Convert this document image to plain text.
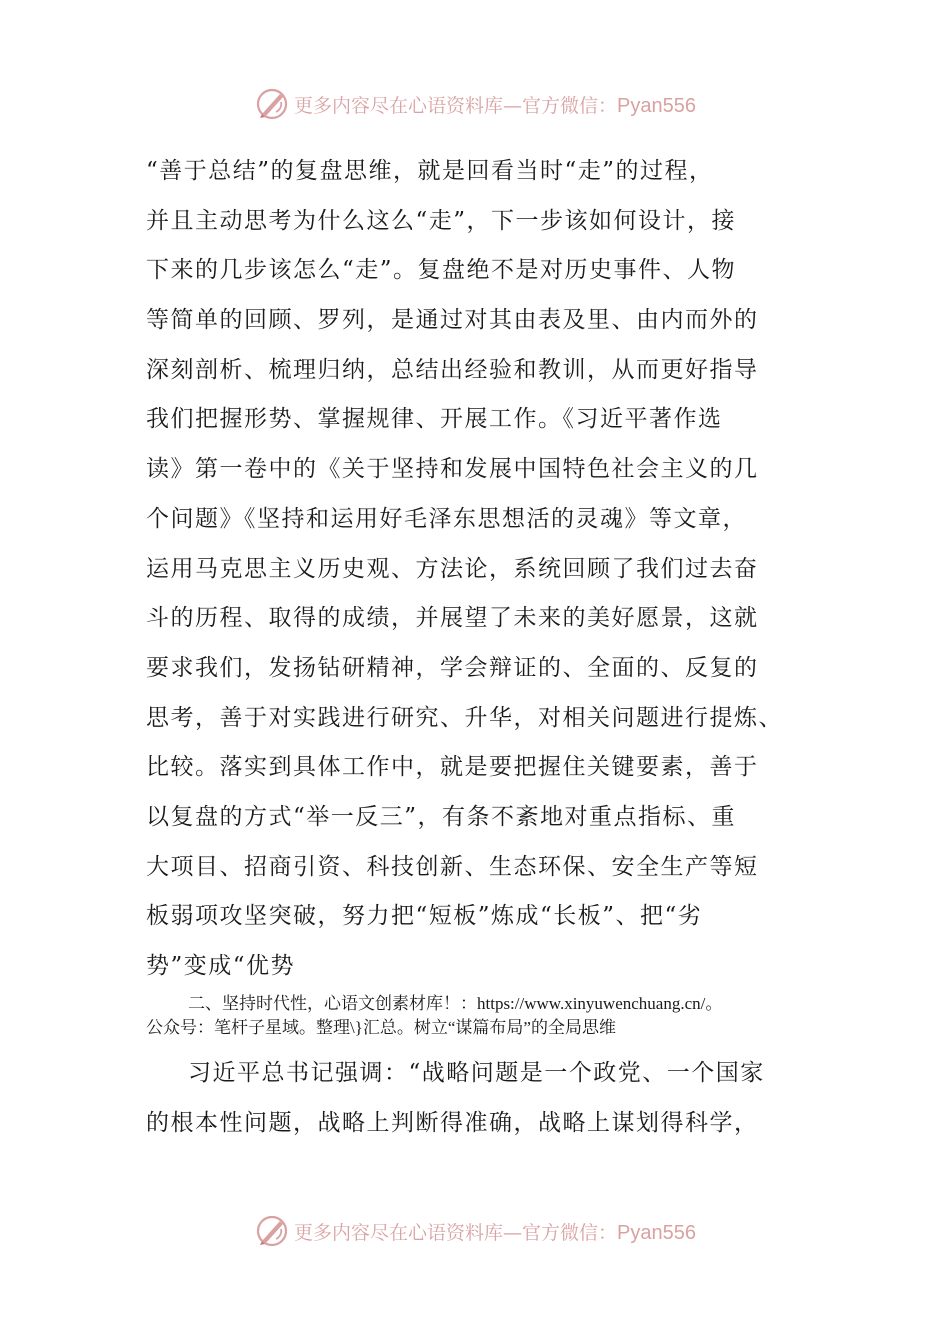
更多内容尽在心语资料库—官方微信：Pyan556
“善于总结”的复盘思维，就是回看当时“走”的过程，
并且主动思考为什么这么“走”，下一步该如何设计，接
下来的几步该怎么“走”。复盘绝不是对历史事件、人物
等简单的回顾、罗列，是通过对其由表及里、由内而外的
深刻剖析、梳理归纳，总结出经验和教训，从而更好指导
我们把握形势、掌握规律、开展工作。《习近平著作选
读》第一卷中的《关于坚持和发展中国特色社会主义的几
个问题》《坚持和运用好毛泽东思想活的灵魂》等文章，
运用马克思主义历史观、方法论，系统回顾了我们过去奋
斗的历程、取得的成绩，并展望了未来的美好愿景，这就
要求我们，发扬钻研精神，学会辩证的、全面的、反复的
思考，善于对实践进行研究、升华，对相关问题进行提炼、
比较。落实到具体工作中，就是要把握住关键要素，善于
以复盘的方式“举一反三”，有条不紊地对重点指标、重
大项目、招商引资、科技创新、生态环保、安全生产等短
板弱项攻坚突破，努力把“短板”炼成“长板”、把“劣
势”变成“优势
二、坚持时代性，心语文创素材库！：https://www.xinyuwenchuang.cn/。
公众号：笔杆子星域。整理\}汇总。树立“谋篇布局”的全局思维
习近平总书记强调：“战略问题是一个政党、一个国家
的根本性问题，战略上判断得准确，战略上谋划得科学，
更多内容尽在心语资料库—官方微信：Pyan556
